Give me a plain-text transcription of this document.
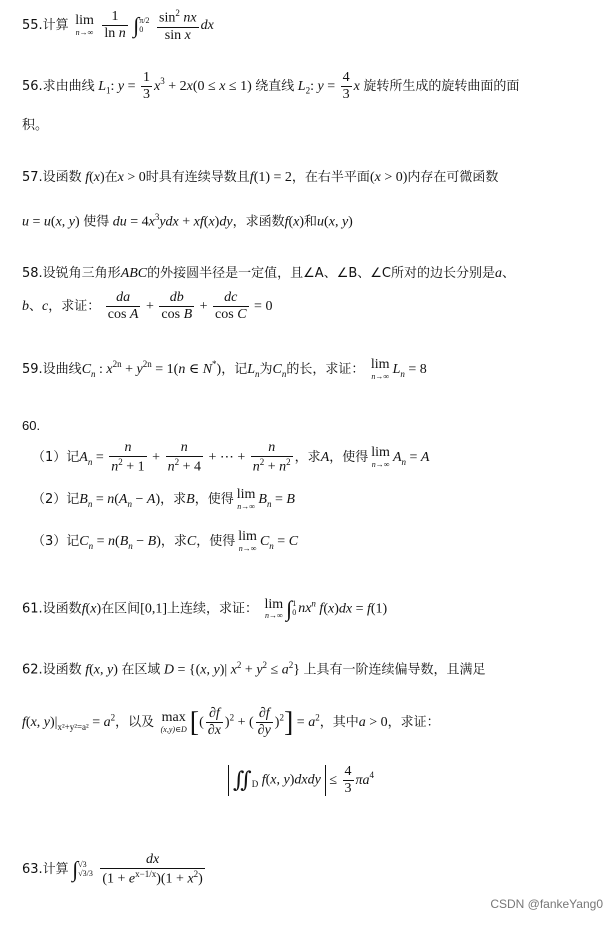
55.计算 lim
n→∞
$\frac{1}{\text{ln n}}$ ∫ π/2
0
$\frac{\sin^2 nx}{\text{sin x}}$ dx
56.求由曲线 $L_1$: $y = \frac{1}{3} x^3 + 2x(0 \le x \le 1)$ 绕直线 $L_2$: $y = \frac{4}{3}$ x 旋转所生成的旋转曲面的面
积。
57.设函数 f(x)在x > 0时具有连续导数且f(1) = 2，在右半平面(x > 0)内存在可微函数
u = u(x, y) 使得 du = $4x^3ydx + xf(x)dy$，求函数f(x)和u(x, y)
58.设锐角三角形ABC的外接圆半径是一定值，且∠A、∠B、∠C所对的边长分别是a、
b、c，求证： $\frac{da}{\text{cos A}} + \frac{db}{\text{cos B}} + \frac{dc}{\text{cos C}} = 0$
59.设曲线$C_n$ : $x^{2n} + y^{2n} = 1(n$ ∈ N*)，记$L_n$为$C_n$的长，求证： lim
n→∞ $L_n = 8$
60.
（1）记$A_n = \frac{n}{n^2 + 1} + \frac{n}{n^2 + 4}$ + ⋯ + $\frac{n}{n^2 + n^2}$ ，求A，使得 lim
n→∞ $A_n = A$
（2）记$B_n = n(A_n - A)$，求B，使得 lim
n→∞ $B_n = B$
（3）记$C_n = n(B_n - B)$，求C，使得 lim
n→∞ $C_n = C$
61.设函数f(x)在区间[0,1]上连续，求证： lim
n→∞ ∫ 1
0 $nx^n$ f(x)dx = f(1)
62.设函数 f(x, y) 在区域 D = {(x, y)| $x^2 + y^2 \le a^2$} 上具有一阶连续偏导数，且满足
f(x, $y)|_{x^2+y^2=a^2} = a^2$，以及 max
(x,y)∈D [( $\frac{\partial f}{\partial x} )^2$ + ( $\frac{\partial f}{\partial y} )^2] = a^2$，其中a > 0，求证：
$∬_D$ f(x, y)dxdy ≤ $\frac{4}{3} \pi a^4$
63.计算 ∫ √3
√3/3
$\frac{dx}{(1 + e^{x-1/x})(1 + x^2)}$
CSDN @fankeYang0
